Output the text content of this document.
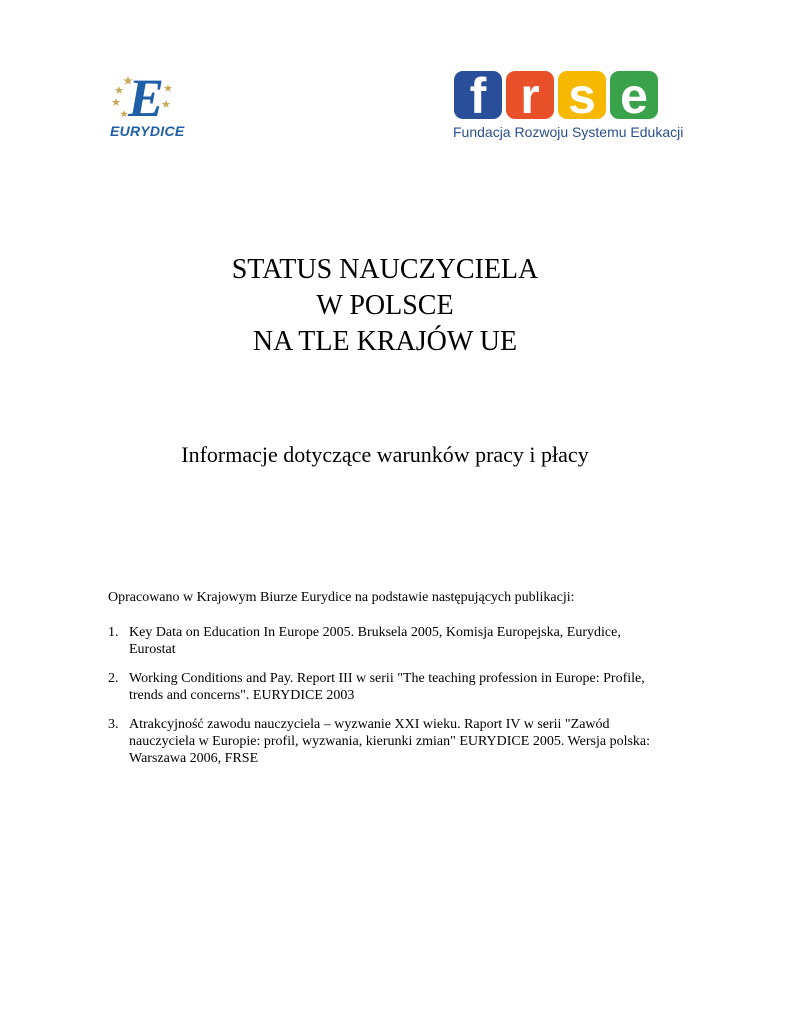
E
EURYDICE
f r s e
Fundacja Rozwoju Systemu Edukacji
STATUS NAUCZYCIELA
W POLSCE
NA TLE KRAJÓW UE
Informacje dotyczące warunków pracy i płacy
Opracowano w Krajowym Biurze Eurydice na podstawie następujących publikacji:
1. Key Data on Education In Europe 2005. Bruksela 2005, Komisja Europejska, Eurydice, Eurostat
2. Working Conditions and Pay. Report III w serii "The teaching profession in Europe: Profile, trends and concerns". EURYDICE 2003
3. Atrakcyjność zawodu nauczyciela – wyzwanie XXI wieku. Raport IV w serii "Zawód nauczyciela w Europie: profil, wyzwania, kierunki zmian" EURYDICE 2005. Wersja polska: Warszawa 2006, FRSE
